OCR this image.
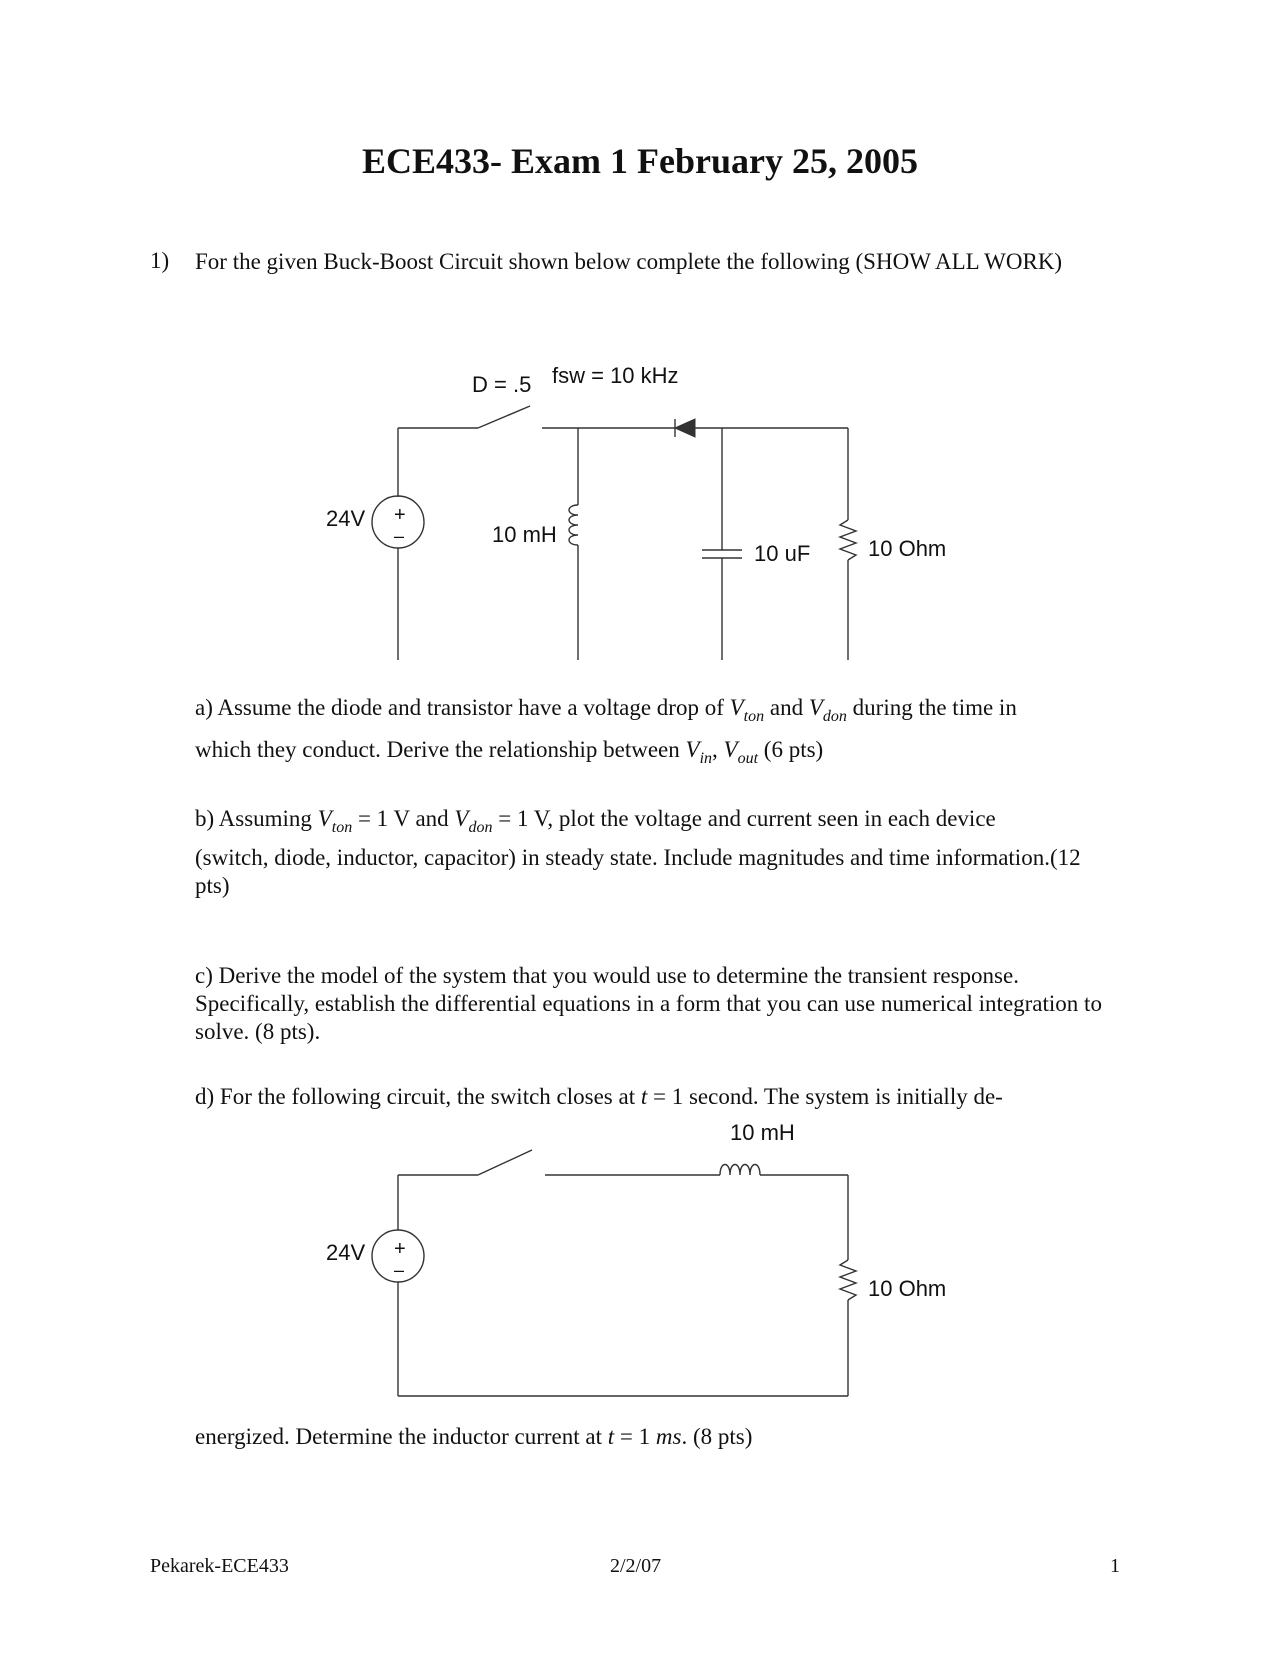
ECE433- Exam 1 February 25, 2005
1) For the given Buck-Boost Circuit shown below complete the following (SHOW ALL WORK)
D = .5 fsw = 10 kHz
24V +
–	10 mH
10 uF	10 Ohm
a) Assume the diode and transistor have a voltage drop of $V_{ton}$ and $V_{don}$ during the time in
which they conduct. Derive the relationship between $V_{in}$, $V_{out}$ (6 pts)
b) Assuming $V_{ton} = 1$ V and $V_{don} = 1$ V, plot the voltage and current seen in each device
(switch, diode, inductor, capacitor) in steady state. Include magnitudes and time information.(12 pts)
c) Derive the model of the system that you would use to determine the transient response. Specifically, establish the differential equations in a form that you can use numerical integration to solve. (8 pts).
d) For the following circuit, the switch closes at t = 1 second. The system is initially de-
10 mH
24V +
–
10 Ohm
energized. Determine the inductor current at t = 1 ms. (8 pts)
Pekarek-ECE433	2/2/07	1
